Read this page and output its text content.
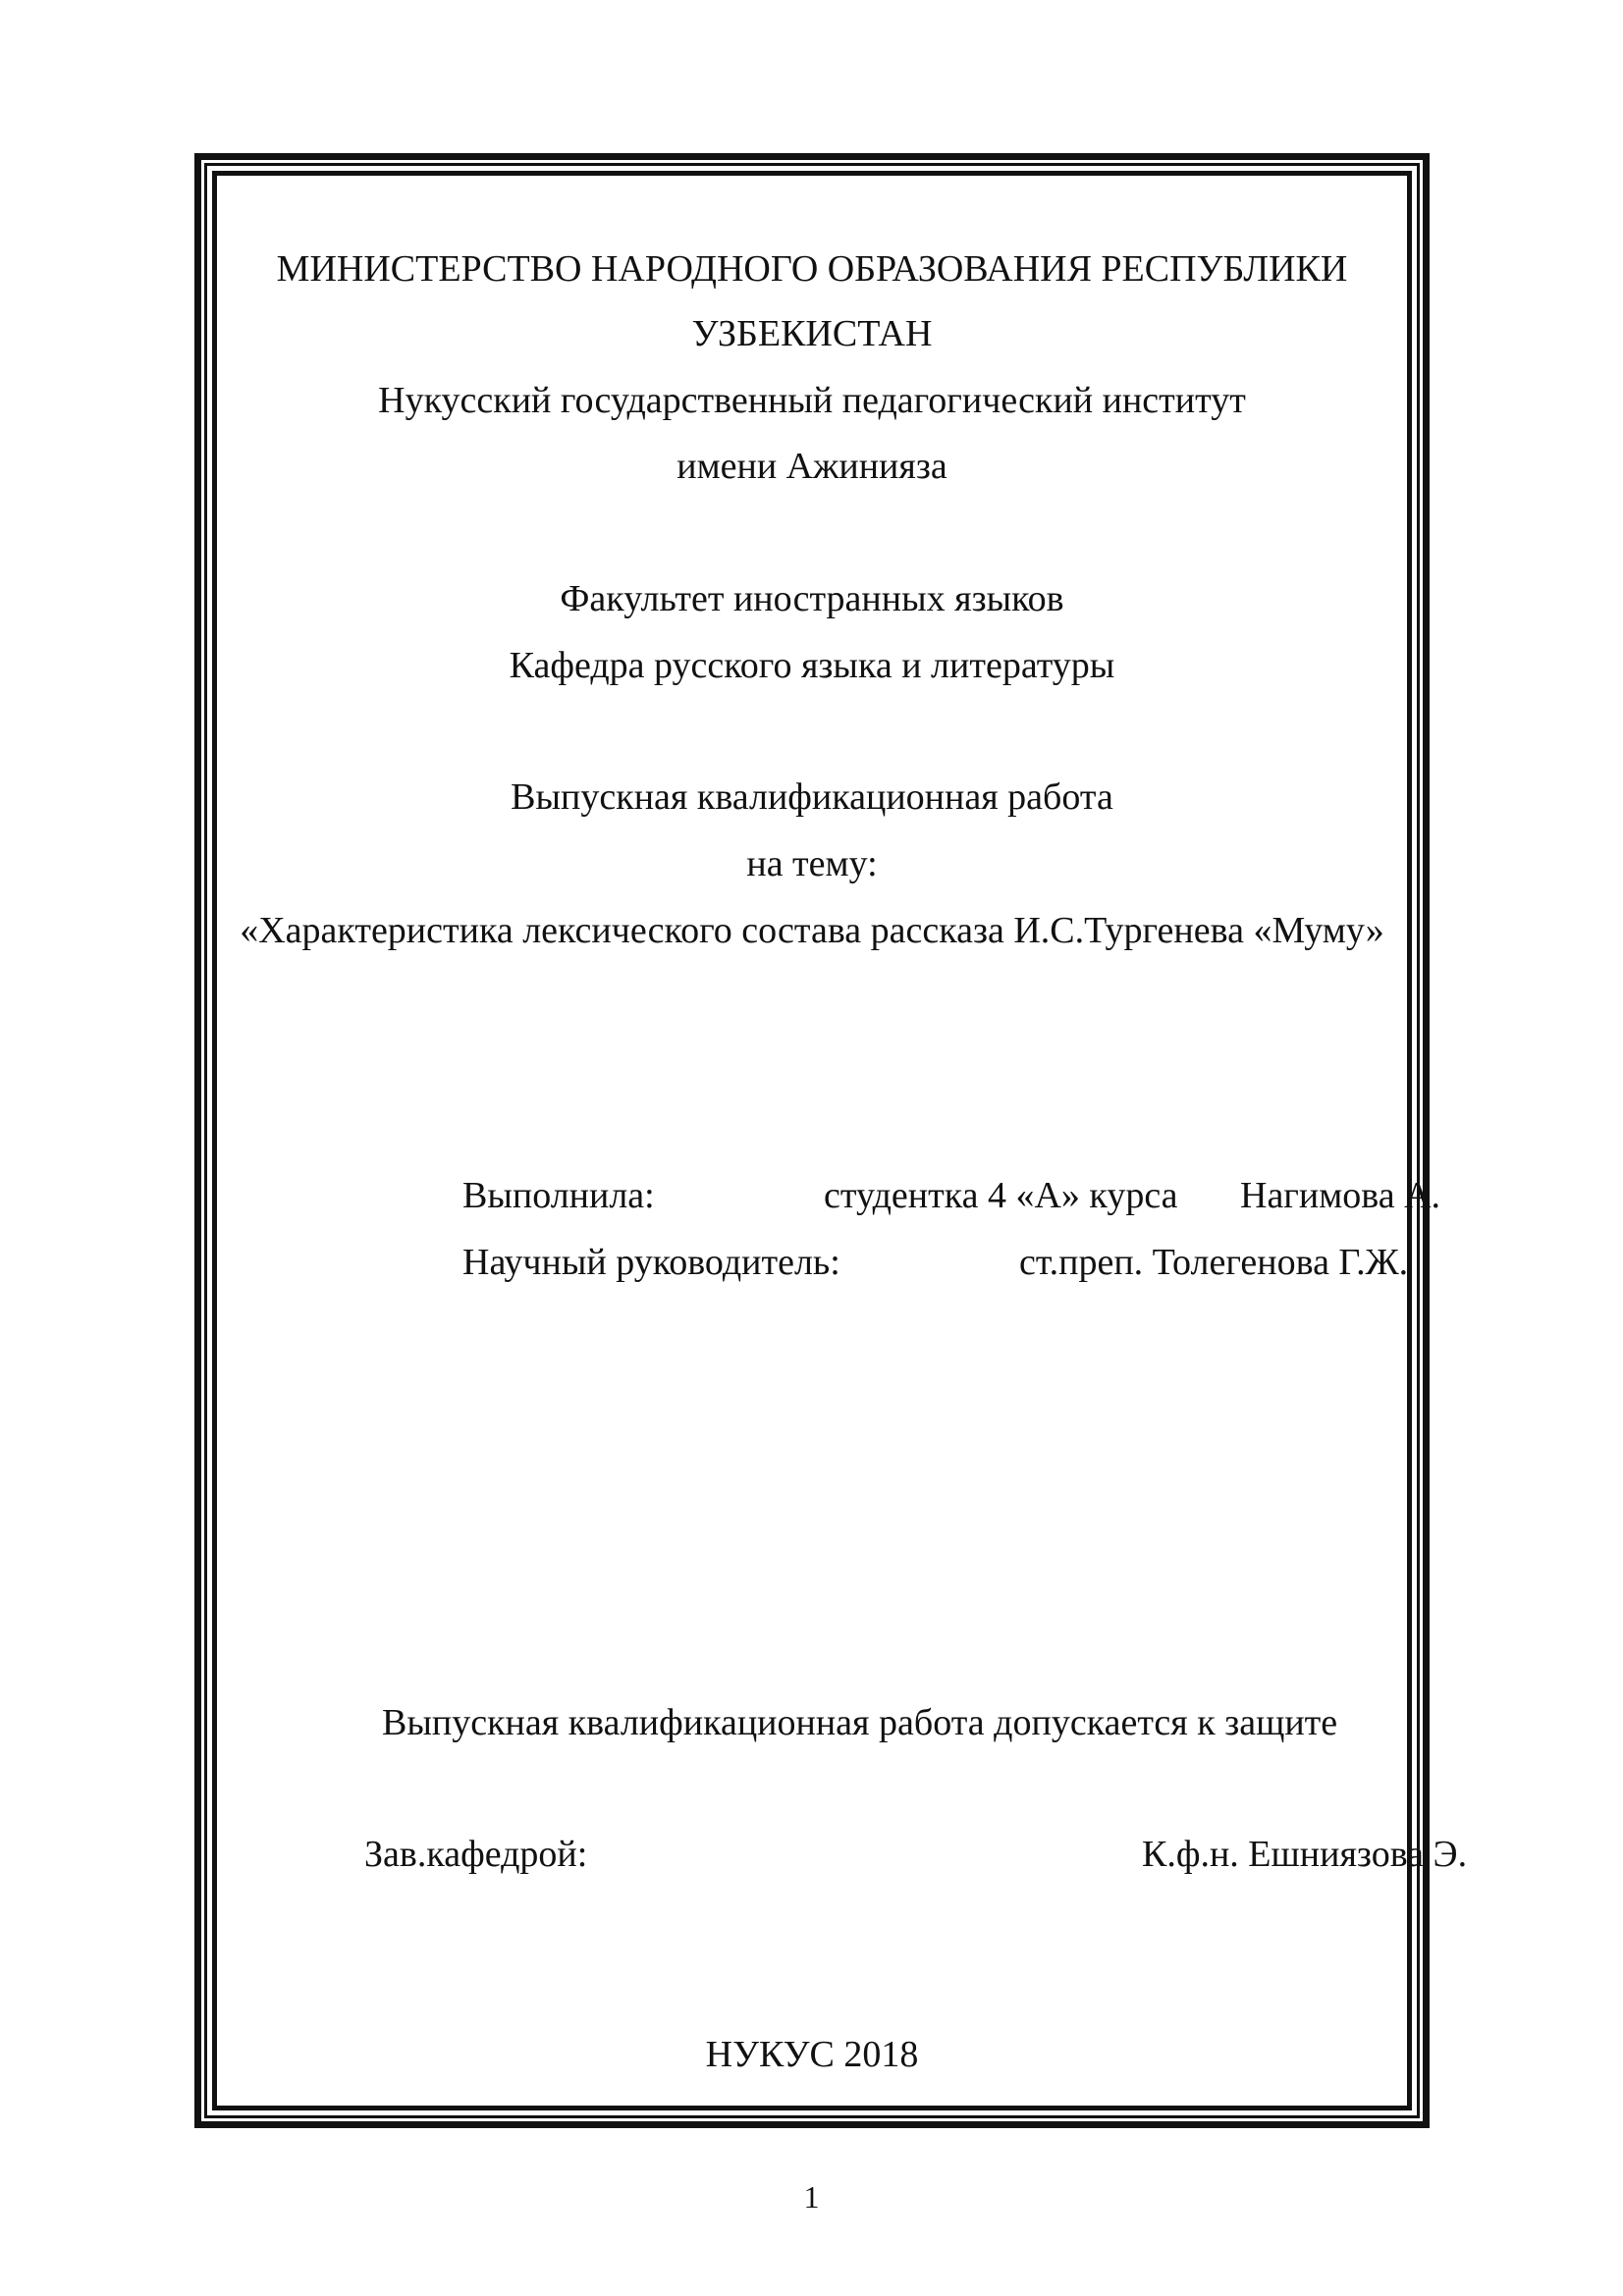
МИНИСТЕРСТВО НАРОДНОГО ОБРАЗОВАНИЯ РЕСПУБЛИКИ
УЗБЕКИСТАН
Нукусский государственный педагогический институт
имени Ажинияза
Факультет иностранных языков
Кафедра русского языка и литературы
Выпускная квалификационная работа
на тему:
«Характеристика лексического состава рассказа И.С.Тургенева «Муму»
Выполнила:	студентка 4 «А» курса Нагимова А.
Научный руководитель:	ст.преп. Толегенова Г.Ж.
Выпускная квалификационная работа допускается к защите
Зав.кафедрой:	К.ф.н. Ешниязова Э.
НУКУС 2018
1
